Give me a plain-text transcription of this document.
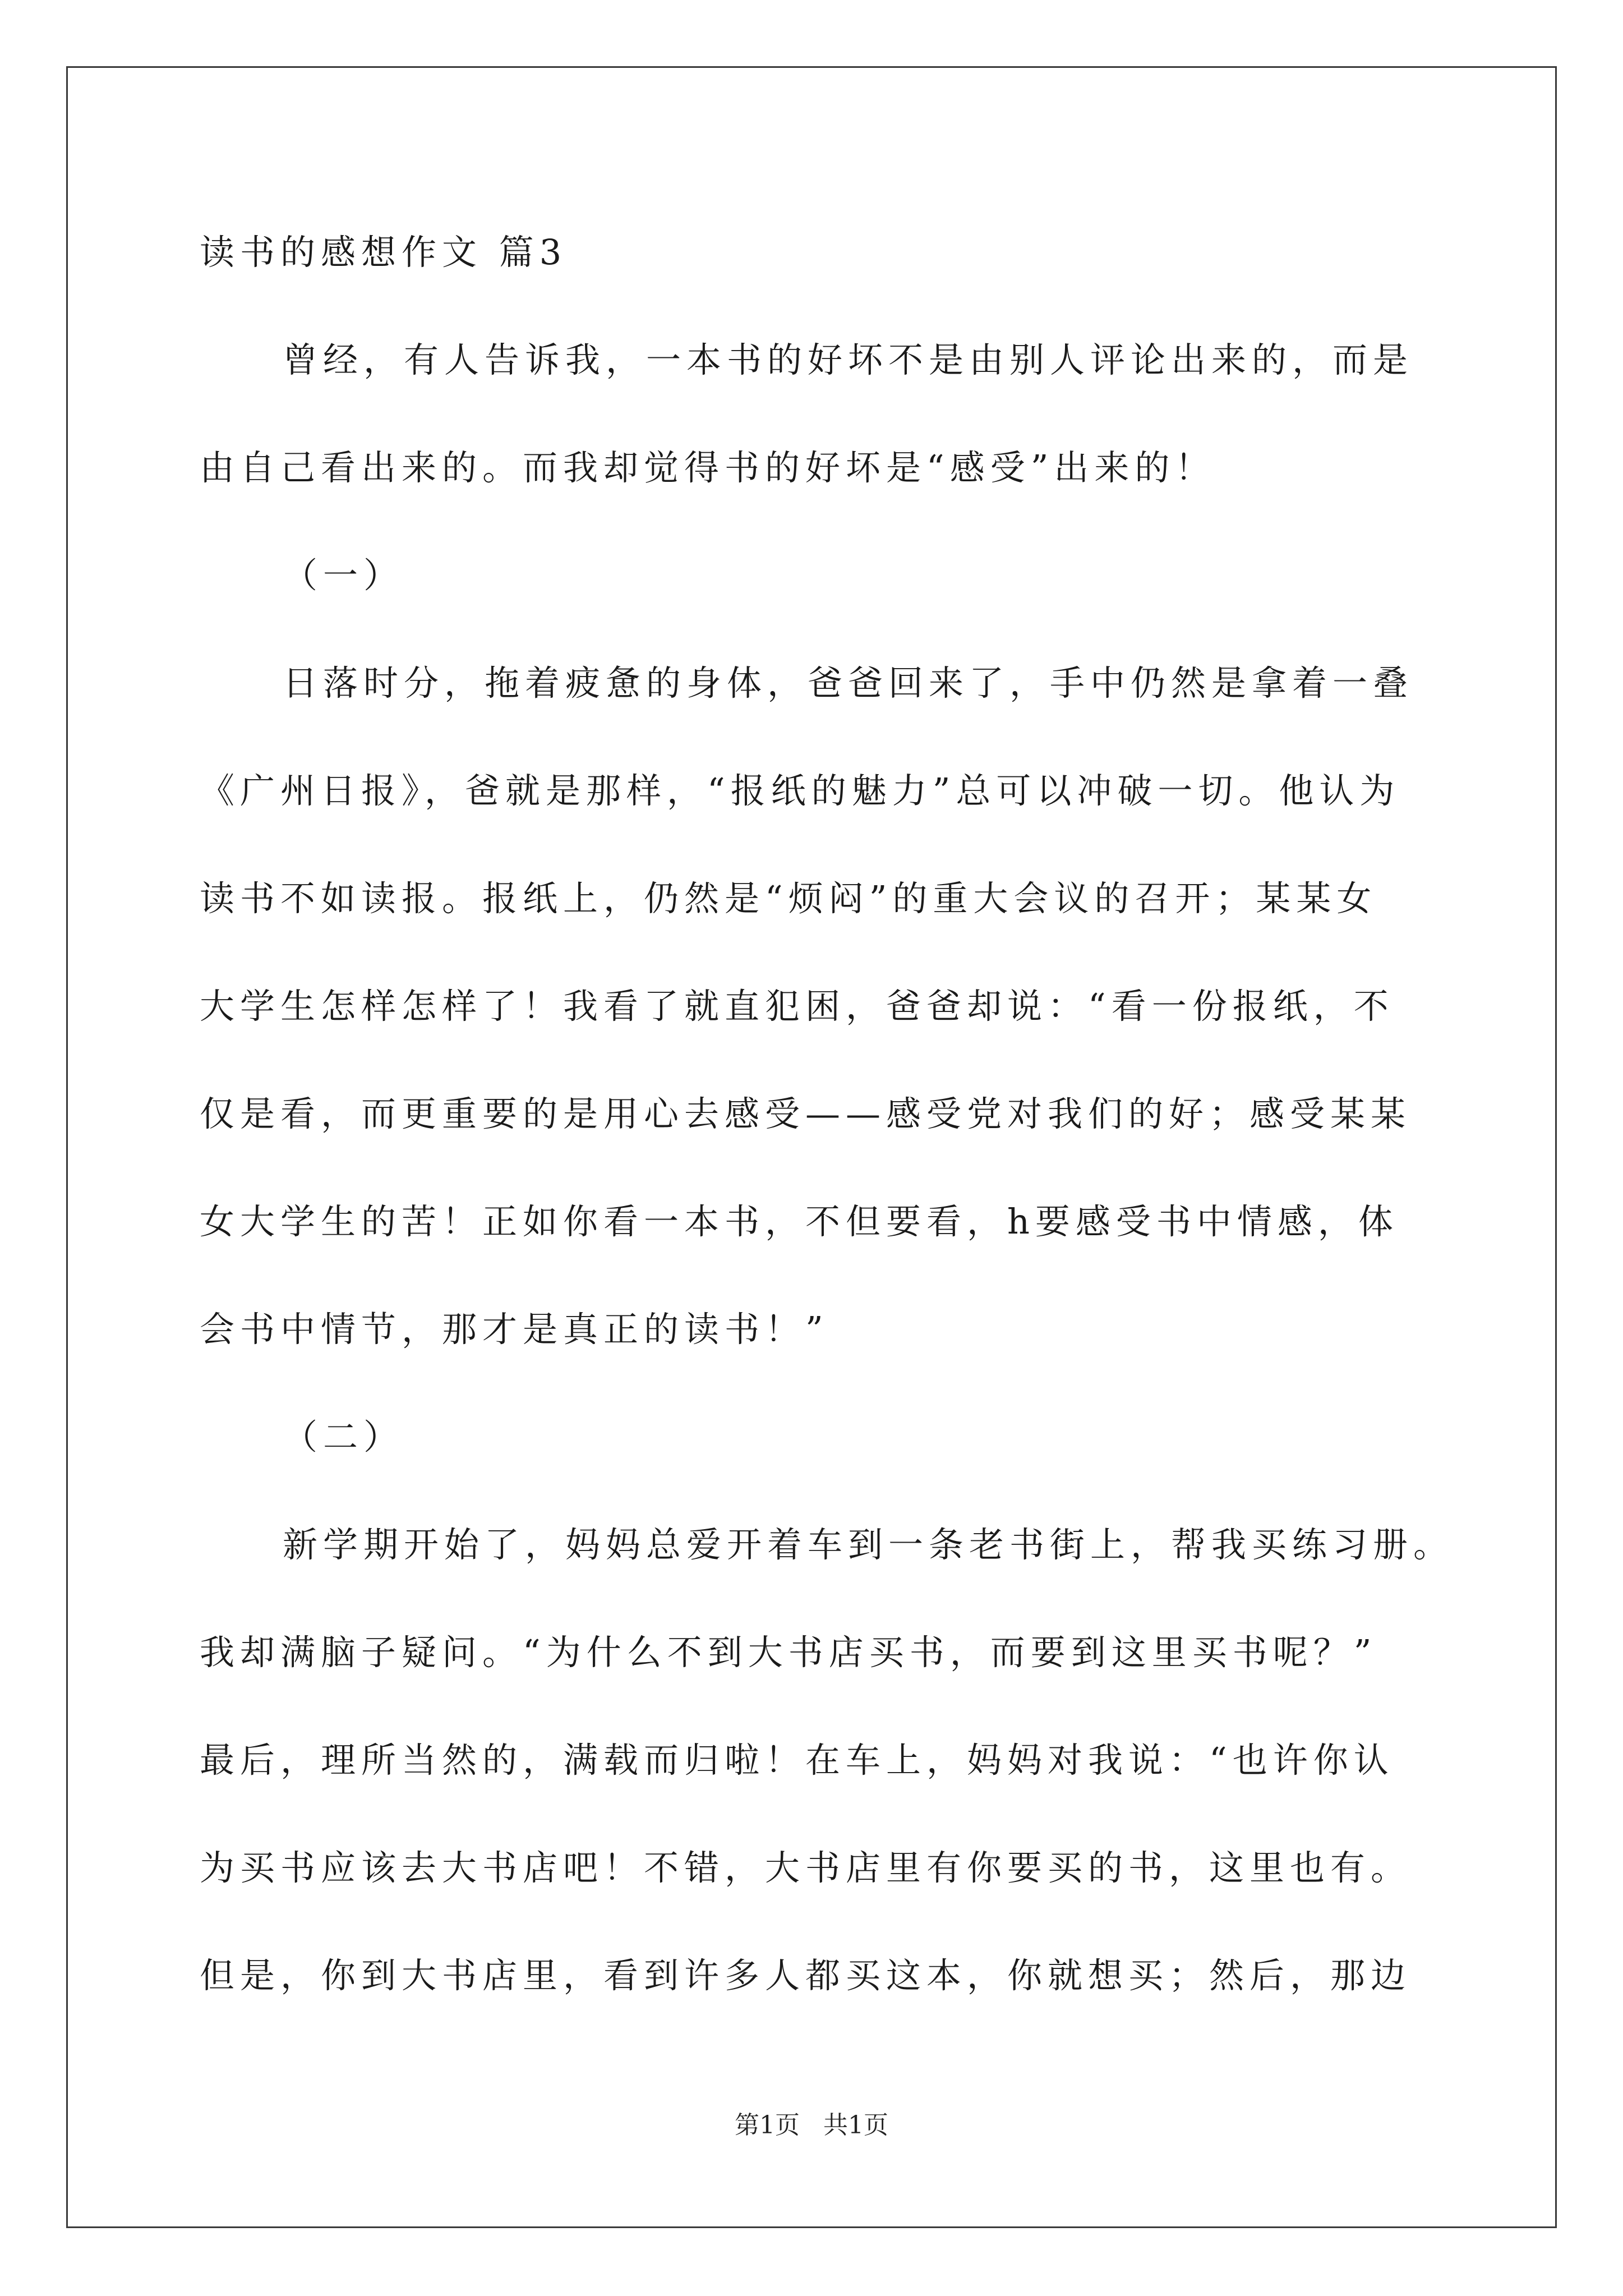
读书的感想作文 篇3
曾经，有人告诉我，一本书的好坏不是由别人评论出来的，而是
由自己看出来的。而我却觉得书的好坏是“感受”出来的！
（一）
日落时分，拖着疲惫的身体，爸爸回来了，手中仍然是拿着一叠
《广州日报》，爸就是那样，“报纸的魅力”总可以冲破一切。他认为
读书不如读报。报纸上，仍然是“烦闷”的重大会议的召开；某某女
大学生怎样怎样了！我看了就直犯困，爸爸却说：“看一份报纸，不
仅是看，而更重要的是用心去感受——感受党对我们的好；感受某某
女大学生的苦！正如你看一本书，不但要看，h要感受书中情感，体
会书中情节，那才是真正的读书！”
（二）
新学期开始了，妈妈总爱开着车到一条老书街上，帮我买练习册。
我却满脑子疑问。“为什么不到大书店买书，而要到这里买书呢？”
最后，理所当然的，满载而归啦！在车上，妈妈对我说：“也许你认
为买书应该去大书店吧！不错，大书店里有你要买的书，这里也有。
但是，你到大书店里，看到许多人都买这本，你就想买；然后，那边
第1页 共1页
